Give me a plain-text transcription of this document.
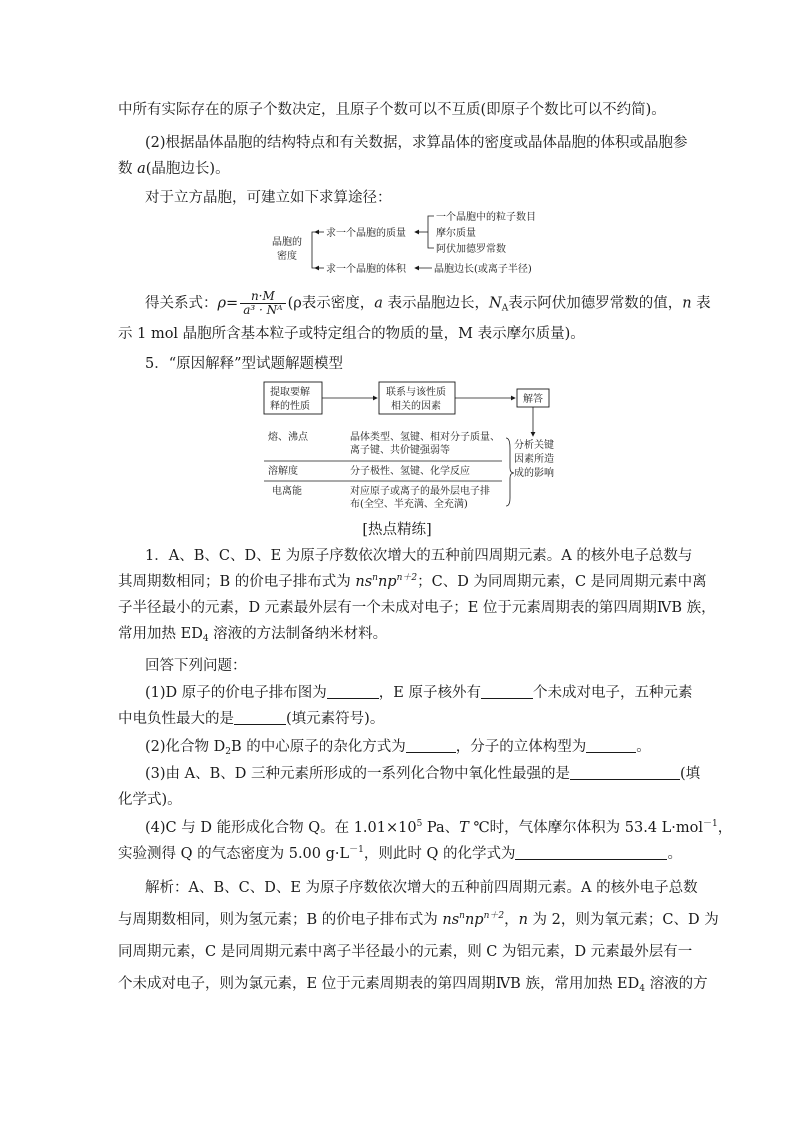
中所有实际存在的原子个数决定，且原子个数可以不互质(即原子个数比可以不约简)。
(2)根据晶体晶胞的结构特点和有关数据，求算晶体的密度或晶体晶胞的体积或晶胞参
数 a(晶胞边长)。
对于立方晶胞，可建立如下求算途径：
晶胞的
密度
求一个晶胞的质量
求一个晶胞的体积
一个晶胞中的粒子数目
摩尔质量
阿伏加德罗常数
晶胞边长(或离子半径)
得关系式：$\rho= \frac{n\cdot M}{\text{a³ · Nᴬ}} (\rho$表示密度，a 表示晶胞边长，$N_A$表示阿伏加德罗常数的值，n 表
示 1 mol 晶胞所含基本粒子或特定组合的物质的量，M 表示摩尔质量)。
5．“原因解释”型试题解题模型
提取要解
释的性质
联系与该性质
相关的因素
解答
熔、沸点	晶体类型、氢键、相对分子质量、
离子键、共价键强弱等
溶解度	分子极性、氢键、化学反应
电离能	对应原子或离子的最外层电子排
布(全空、半充满、全充满)
分析关键
因素所造
成的影响
[热点精练]
1．A、B、C、D、E 为原子序数依次增大的五种前四周期元素。A 的核外电子总数与
其周期数相同；B 的价电子排布式为 $ns^nnp^{n+2}$；C、D 为同周期元素，C 是同周期元素中离
子半径最小的元素，D 元素最外层有一个未成对电子；E 位于元素周期表的第四周期ⅣB 族，
常用加热 $ED_4$ 溶液的方法制备纳米材料。
回答下列问题：
(1)D 原子的价电子排布图为	，E 原子核外有	个未成对电子，五种元素
中电负性最大的是	(填元素符号)。
(2)化合物 $D_2B$ 的中心原子的杂化方式为	，分子的立体构型为	。
(3)由 A、B、D 三种元素所形成的一系列化合物中氧化性最强的是	(填
化学式)。
(4)C 与 D 能形成化合物 Q。在 $1.01\times 10^5$ Pa、T ℃时，气体摩尔体积为 53.4 L·mol$^{-1}$，
实验测得 Q 的气态密度为 5.00 $g\cdot L^{-1}$，则此时 Q 的化学式为	。
解析：A、B、C、D、E 为原子序数依次增大的五种前四周期元素。A 的核外电子总数
与周期数相同，则为氢元素；B 的价电子排布式为 $ns^nnp^{n+2}$，n 为 2，则为氧元素；C、D 为
同周期元素，C 是同周期元素中离子半径最小的元素，则 C 为铝元素，D 元素最外层有一
个未成对电子，则为氯元素，E 位于元素周期表的第四周期ⅣB 族，常用加热 $ED_4$ 溶液的方
